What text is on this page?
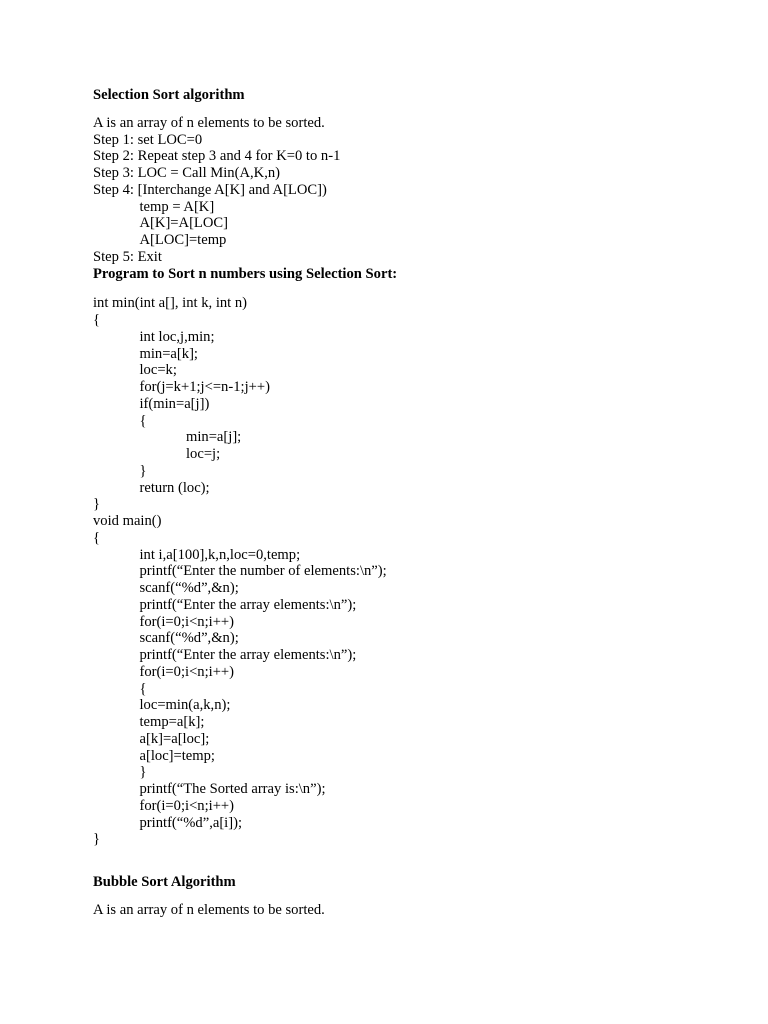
Selection Sort algorithm
A is an array of n elements to be sorted.
Step 1: set LOC=0
Step 2: Repeat step 3 and 4 for K=0 to n-1
Step 3: LOC = Call Min(A,K,n)
Step 4: [Interchange A[K] and A[LOC])
temp = A[K]
A[K]=A[LOC]
A[LOC]=temp
Step 5: Exit
Program to Sort n numbers using Selection Sort:
int min(int a[], int k, int n)
{
int loc,j,min;
min=a[k];
loc=k;
for(j=k+1;j<=n-1;j++)
if(min=a[j])
{
min=a[j];
loc=j;
}
return (loc);
}
void main()
{
int i,a[100],k,n,loc=0,temp;
printf(“Enter the number of elements:\n”);
scanf(“%d”,&n);
printf(“Enter the array elements:\n”);
for(i=0;i<n;i++)
scanf(“%d”,&n);
printf(“Enter the array elements:\n”);
for(i=0;i<n;i++)
{
loc=min(a,k,n);
temp=a[k];
a[k]=a[loc];
a[loc]=temp;
}
printf(“The Sorted array is:\n”);
for(i=0;i<n;i++)
printf(“%d”,a[i]);
}
Bubble Sort Algorithm
A is an array of n elements to be sorted.
